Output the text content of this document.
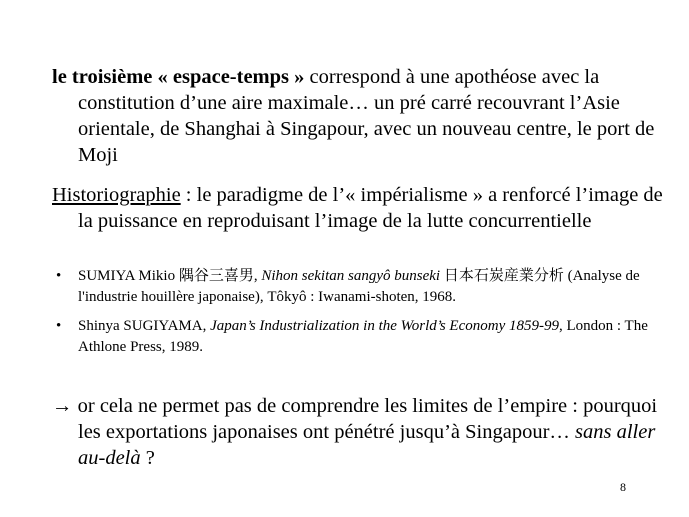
le troisième « espace-temps » correspond à une apothéose avec la constitution d’une aire maximale… un pré carré recouvrant l’Asie orientale, de Shanghai à Singapour, avec un nouveau centre, le port de Moji
Historiographie : le paradigme de l’« impérialisme » a renforcé l’image de la puissance en reproduisant l’image de la lutte concurrentielle
• SUMIYA Mikio 隅谷三喜男, Nihon sekitan sangyô bunseki 日本石炭産業分析 (Analyse de l'industrie houillère japonaise), Tôkyô : Iwanami-shoten, 1968.
• Shinya SUGIYAMA, Japan’s Industrialization in the World’s Economy 1859-99, London : The Athlone Press, 1989.
→ or cela ne permet pas de comprendre les limites de l’empire : pourquoi les exportations japonaises ont pénétré jusqu’à Singapour… sans aller au-delà ?
8
